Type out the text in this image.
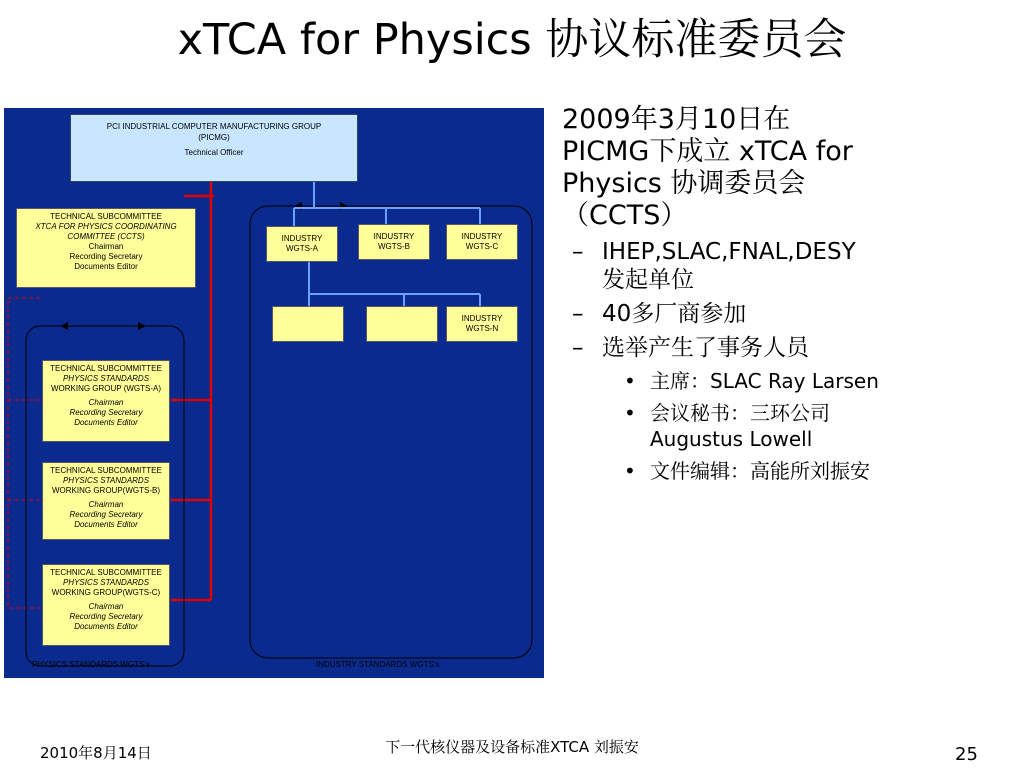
xTCA for Physics 协议标准委员会
PCI INDUSTRIAL COMPUTER MANUFACTURING GROUP
(PICMG)
Technical Officer
TECHNICAL SUBCOMMITTEE
XTCA FOR PHYSICS COORDINATING
COMMITTEE (CCTS)
Chairman
Recording Secretary
Documents Editor
TECHNICAL SUBCOMMITTEE
PHYSICS STANDARDS
WORKING GROUP (WGTS-A)
Chairman
Recording Secretary
Documents Editor
TECHNICAL SUBCOMMITTEE
PHYSICS STANDARDS
WORKING GROUP(WGTS-B)
Chairman
Recording Secretary
Documents Editor
TECHNICAL SUBCOMMITTEE
PHYSICS STANDARDS
WORKING GROUP(WGTS-C)
Chairman
Recording Secretary
Documents Editor
INDUSTRY
WGTS-A
INDUSTRY
WGTS-B
INDUSTRY
WGTS-C
INDUSTRY
WGTS-N
PHYSICS STANDARDS WGTS's	INDUSTRY STANDARDS WGTS's
2009年3月10日在
PICMG下成立 xTCA for
Physics 协调委员会
（CCTS）
– IHEP,SLAC,FNAL,DESY
发起单位
– 40多厂商参加
– 选举产生了事务人员
• 主席：SLAC Ray Larsen
• 会议秘书：三环公司
Augustus Lowell
• 文件编辑：高能所刘振安
2010年8月14日	下一代核仪器及设备标准XTCA 刘振安	25
